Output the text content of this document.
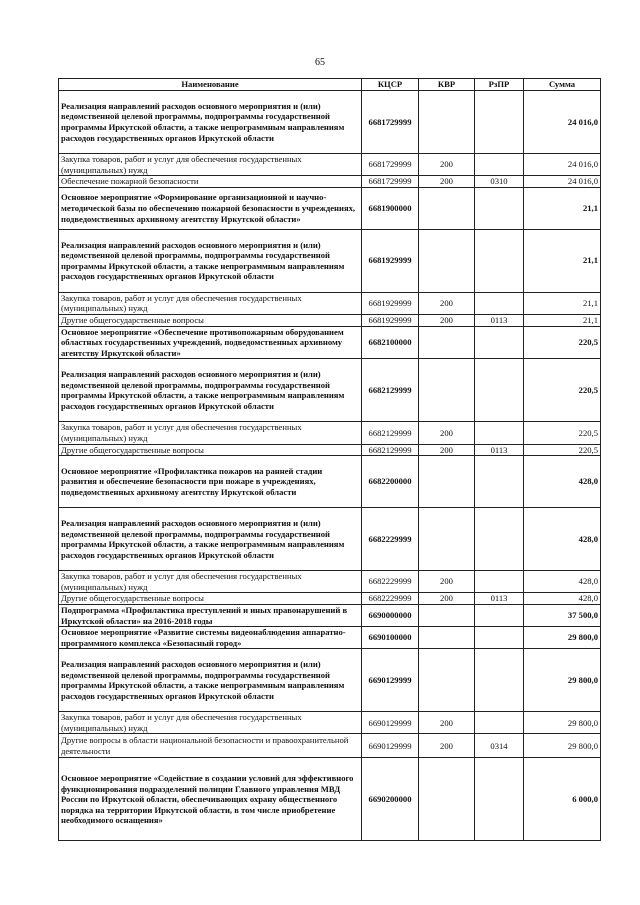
65
Наименование	КЦСР	КВР	РзПР	Сумма
Реализация направлений расходов основного мероприятия и (или) ведомственной целевой программы, подпрограммы государственной программы Иркутской области, а также непрограммным направлениям расходов государственных органов Иркутской области	6681729999			24 016,0
Закупка товаров, работ и услуг для обеспечения государственных (муниципальных) нужд	6681729999	200		24 016,0
Обеспечение пожарной безопасности	6681729999	200	0310	24 016,0
Основное мероприятие «Формирование организационной и научно-методической базы по обеспечению пожарной безопасности в учреждениях, подведомственных архивному агентству Иркутской области»	6681900000			21,1
Реализация направлений расходов основного мероприятия и (или) ведомственной целевой программы, подпрограммы государственной программы Иркутской области, а также непрограммным направлениям расходов государственных органов Иркутской области	6681929999			21,1
Закупка товаров, работ и услуг для обеспечения государственных (муниципальных) нужд	6681929999	200		21,1
Другие общегосударственные вопросы	6681929999	200	0113	21,1
Основное мероприятие «Обеспечение противопожарным оборудованием областных государственных учреждений, подведомственных архивному агентству Иркутской области»	6682100000			220,5
Реализация направлений расходов основного мероприятия и (или) ведомственной целевой программы, подпрограммы государственной программы Иркутской области, а также непрограммным направлениям расходов государственных органов Иркутской области	6682129999			220,5
Закупка товаров, работ и услуг для обеспечения государственных (муниципальных) нужд	6682129999	200		220,5
Другие общегосударственные вопросы	6682129999	200	0113	220,5
Основное мероприятие «Профилактика пожаров на ранней стадии развития и обеспечение безопасности при пожаре в учреждениях, подведомственных архивному агентству Иркутской области	6682200000			428,0
Реализация направлений расходов основного мероприятия и (или) ведомственной целевой программы, подпрограммы государственной программы Иркутской области, а также непрограммным направлениям расходов государственных органов Иркутской области	6682229999			428,0
Закупка товаров, работ и услуг для обеспечения государственных (муниципальных) нужд	6682229999	200		428,0
Другие общегосударственные вопросы	6682229999	200	0113	428,0
Подпрограмма «Профилактика преступлений и иных правонарушений в Иркутской области» на 2016-2018 годы	6690000000			37 500,0
Основное мероприятие «Развитие системы видеонаблюдения аппаратно-программного комплекса «Безопасный город»	6690100000			29 800,0
Реализация направлений расходов основного мероприятия и (или) ведомственной целевой программы, подпрограммы государственной программы Иркутской области, а также непрограммным направлениям расходов государственных органов Иркутской области	6690129999			29 800,0
Закупка товаров, работ и услуг для обеспечения государственных (муниципальных) нужд	6690129999	200		29 800,0
Другие вопросы в области национальной безопасности и правоохранительной деятельности	6690129999	200	0314	29 800,0
Основное мероприятие «Содействие в создании условий для эффективного функционирования подразделений полиции Главного управления МВД России по Иркутской области, обеспечивающих охрану общественного порядка на территории Иркутской области, в том числе приобретение необходимого оснащения»	6690200000			6 000,0
